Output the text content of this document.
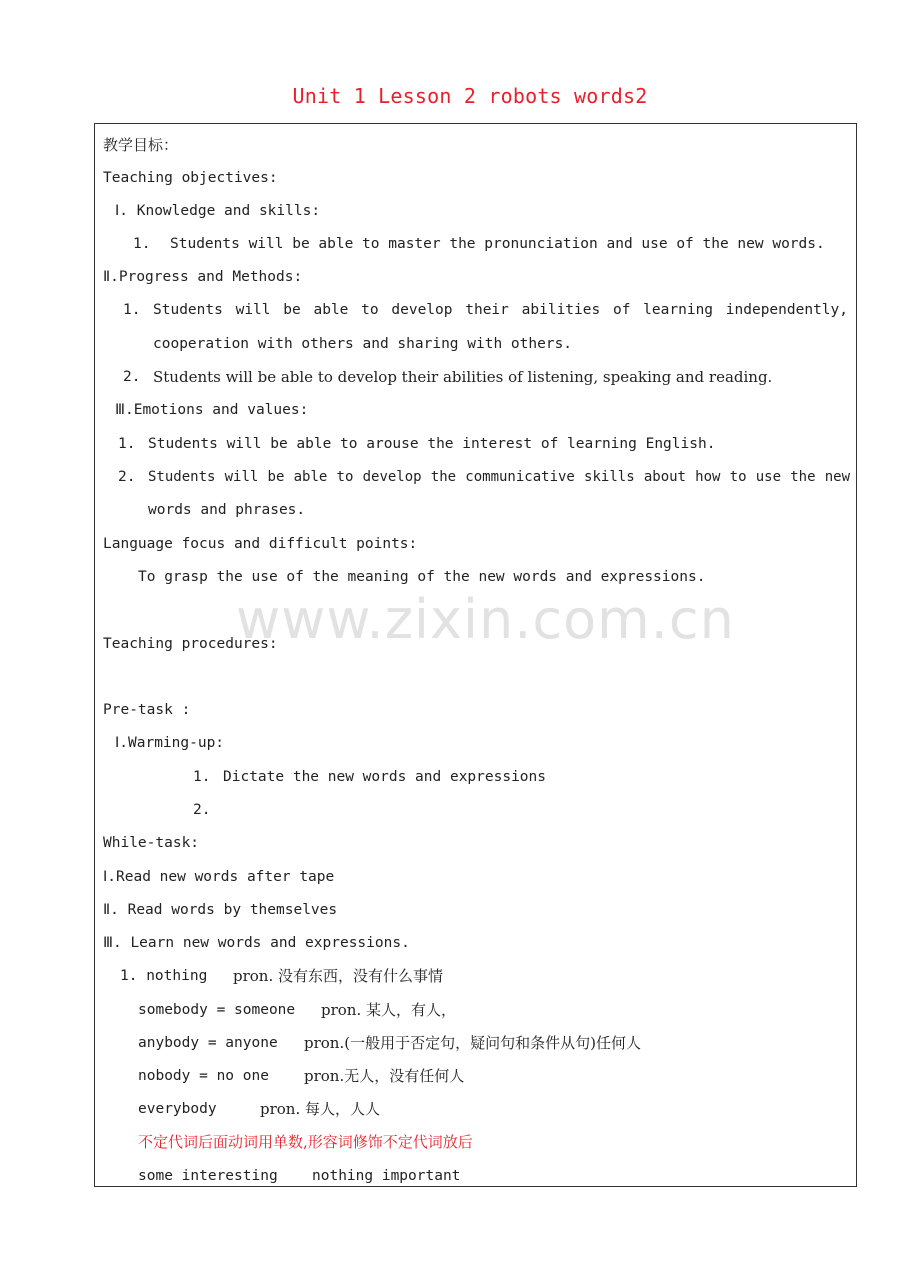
Unit 1 Lesson 2 robots words2
www.zixin.com.cn
教学目标：
Teaching objectives:
Ⅰ. Knowledge and skills:
1. Students will be able to master the pronunciation and use of the new words.
Ⅱ.Progress and Methods:
1. Students will be able to develop their abilities of learning independently,
cooperation with others and sharing with others.
2. Students will be able to develop their abilities of listening, speaking and reading.
Ⅲ.Emotions and values:
1. Students will be able to arouse the interest of learning English.
2. Students will be able to develop the communicative skills about how to use the new
words and phrases.
Language focus and difficult points:
To grasp the use of the meaning of the new words and expressions.
Teaching procedures:
Pre-task :
Ⅰ.Warming-up:
1. Dictate the new words and expressions
2.
While-task:
Ⅰ.Read new words after tape
Ⅱ. Read words by themselves
Ⅲ. Learn new words and expressions.
1. nothing pron. 没有东西，没有什么事情
somebody = someone pron. 某人，有人，
anybody = anyone pron.(一般用于否定句，疑问句和条件从句)任何人
nobody = no one pron.无人，没有任何人
everybody	pron. 每人，人人
不定代词后面动词用单数,形容词修饰不定代词放后
some interesting nothing important
